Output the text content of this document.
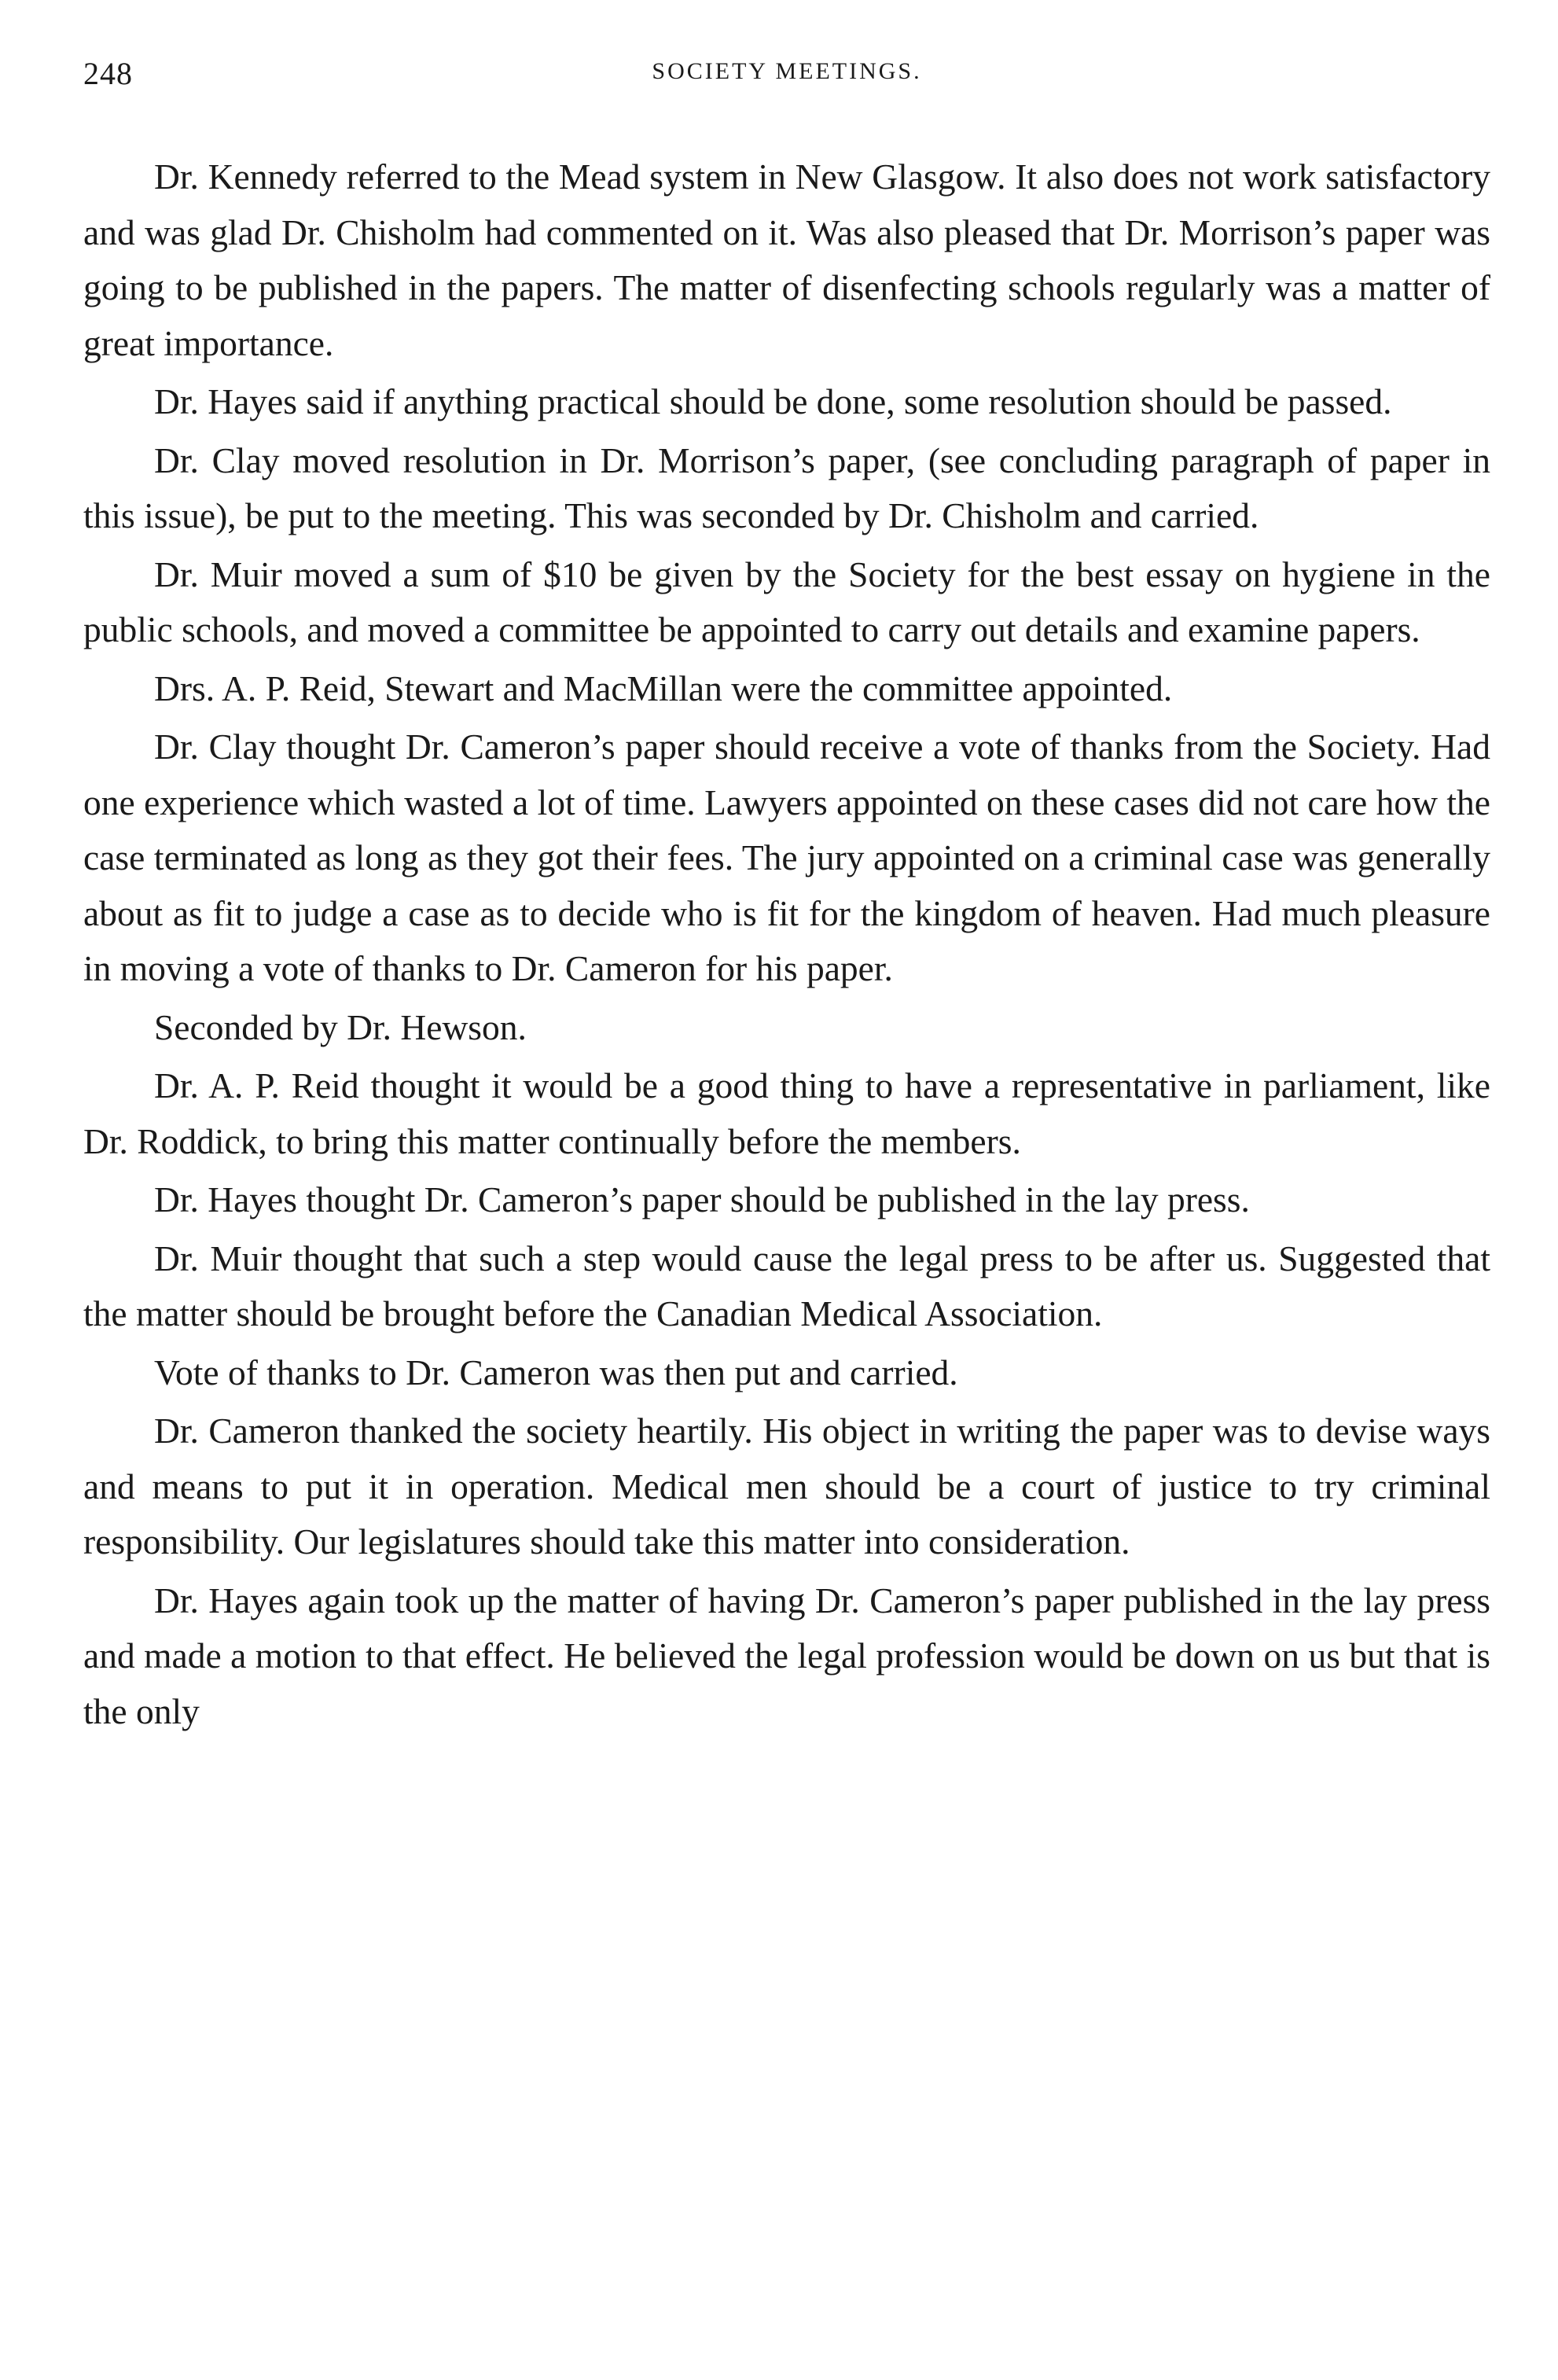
248	SOCIETY MEETINGS.

Dr. Kennedy referred to the Mead system in New Glasgow. It also does not work satisfactory and was glad Dr. Chisholm had commented on it. Was also pleased that Dr. Morrison’s paper was going to be published in the papers. The matter of disenfecting schools regularly was a matter of great importance.

Dr. Hayes said if anything practical should be done, some resolution should be passed.

Dr. Clay moved resolution in Dr. Morrison’s paper, (see concluding paragraph of paper in this issue), be put to the meeting. This was seconded by Dr. Chisholm and carried.

Dr. Muir moved a sum of $10 be given by the Society for the best essay on hygiene in the public schools, and moved a committee be appointed to carry out details and examine papers.

Drs. A. P. Reid, Stewart and MacMillan were the committee appointed.

Dr. Clay thought Dr. Cameron’s paper should receive a vote of thanks from the Society. Had one experience which wasted a lot of time. Lawyers appointed on these cases did not care how the case terminated as long as they got their fees. The jury appointed on a criminal case was generally about as fit to judge a case as to decide who is fit for the kingdom of heaven. Had much pleasure in moving a vote of thanks to Dr. Cameron for his paper.

Seconded by Dr. Hewson.

Dr. A. P. Reid thought it would be a good thing to have a representative in parliament, like Dr. Roddick, to bring this matter continually before the members.

Dr. Hayes thought Dr. Cameron’s paper should be published in the lay press.

Dr. Muir thought that such a step would cause the legal press to be after us. Suggested that the matter should be brought before the Canadian Medical Association.

Vote of thanks to Dr. Cameron was then put and carried.

Dr. Cameron thanked the society heartily. His object in writing the paper was to devise ways and means to put it in operation. Medical men should be a court of justice to try criminal responsibility. Our legislatures should take this matter into consideration.

Dr. Hayes again took up the matter of having Dr. Cameron’s paper published in the lay press and made a motion to that effect. He believed the legal profession would be down on us but that is the only
